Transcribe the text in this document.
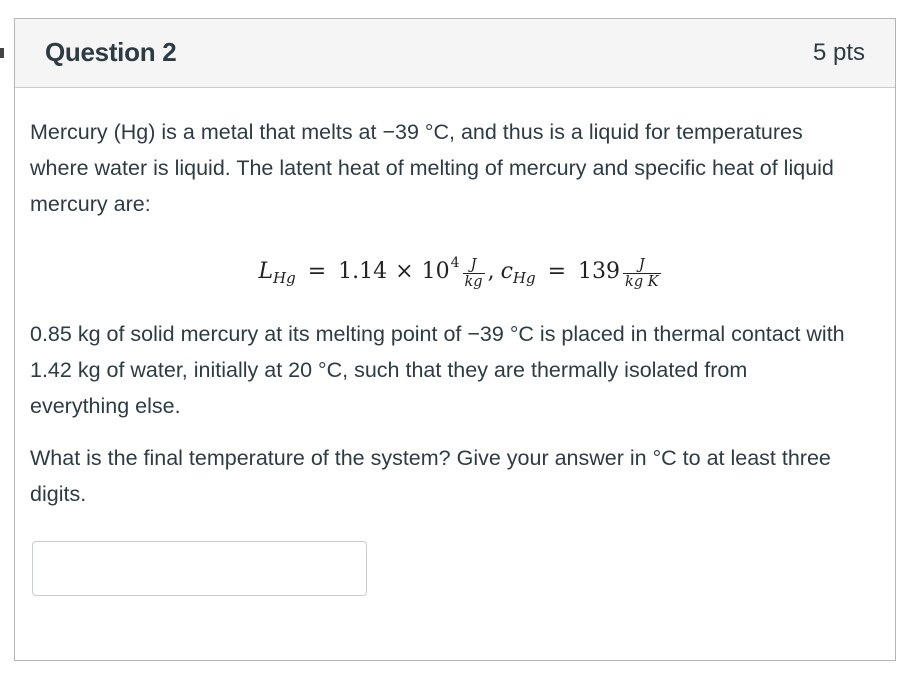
Question 2	5 pts

Mercury (Hg) is a metal that melts at −39 °C, and thus is a liquid for temperatures where water is liquid. The latent heat of melting of mercury and specific heat of liquid mercury are:

L Hg = 1.14 × 10 $4 \frac{J}{kg}$ , c $Hg = 139 \frac{J}{\text{kg K}}$

0.85 kg of solid mercury at its melting point of −39 °C is placed in thermal contact with 1.42 kg of water, initially at 20 °C, such that they are thermally isolated from everything else.

What is the final temperature of the system? Give your answer in °C to at least three digits.
